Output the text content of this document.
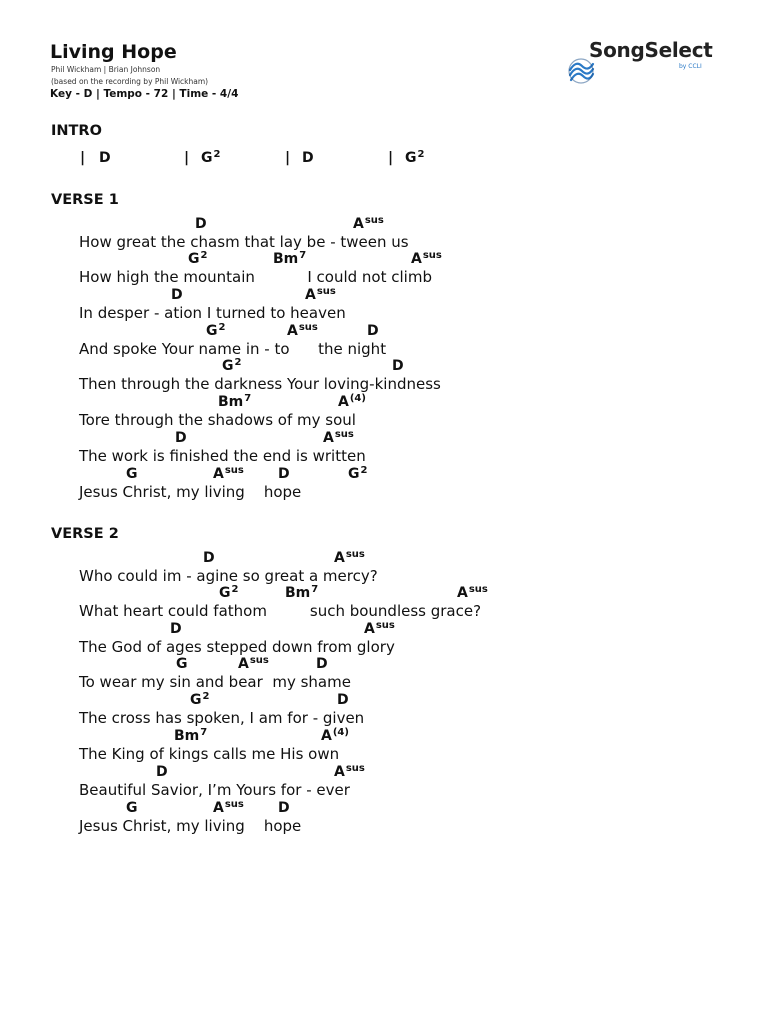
Living Hope
Phil Wickham | Brian Johnson
(based on the recording by Phil Wickham)
Key - D | Tempo - 72 | Time - 4/4

SongSelect

by CCLI

INTRO
| D	| $G^2$	| D	| $G^2$
VERSE 1
D	$A^{sus}$
How great the chasm that lay be - tween us
$G^2$	Bm$^7$	$A^{sus}$
How high the mountain           I could not climb
D	$A^{sus}$
In desper - ation I turned to heaven
$G^2$	$A^{sus}$	D
And spoke Your name in - to      the night
$G^2$	D
Then through the darkness Your loving-kindness
Bm$^7$	$A^{(4)}$
Tore through the shadows of my soul
D	$A^{sus}$
The work is finished the end is written
G	$A^{sus}$ D	$G^2$
Jesus Christ, my living    hope
VERSE 2
D	$A^{sus}$
Who could im - agine so great a mercy?
$G^2$	Bm$^7$	$A^{sus}$
What heart could fathom         such boundless grace?
D	$A^{sus}$
The God of ages stepped down from glory
G	$A^{sus}$	D
To wear my sin and bear  my shame
$G^2$	D
The cross has spoken, I am for - given
Bm$^7$	$A^{(4)}$
The King of kings calls me His own
D	$A^{sus}$
Beautiful Savior, I’m Yours for - ever
G	$A^{sus}$ D
Jesus Christ, my living    hope
